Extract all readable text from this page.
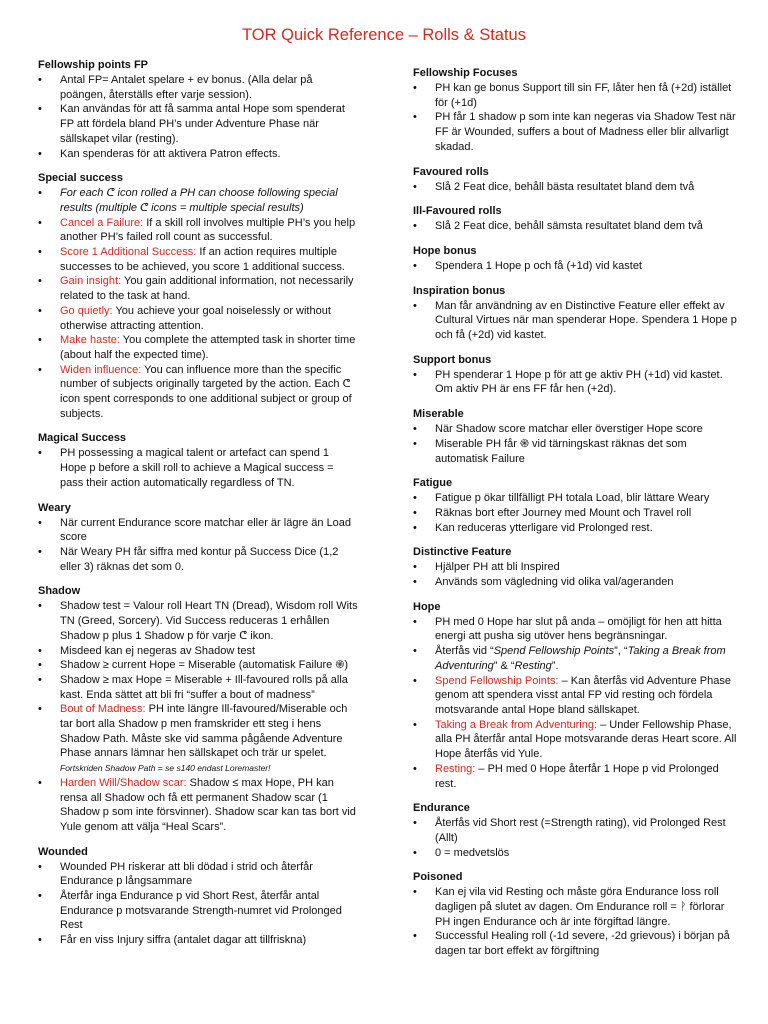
TOR Quick Reference – Rolls & Status
Fellowship points FP
• Antal FP= Antalet spelare + ev bonus. (Alla delar på poängen, återställs efter varje session).
• Kan användas för att få samma antal Hope som spenderat FP att fördela bland PH’s under Adventure Phase när sällskapet vilar (resting).
• Kan spenderas för att aktivera Patron effects.
Special success
• For each ᕦ icon rolled a PH can choose following special results (multiple ᕦ icons = multiple special results)
• Cancel a Failure: If a skill roll involves multiple PH’s you help another PH’s failed roll count as successful.
• Score 1 Additional Success: If an action requires multiple successes to be achieved, you score 1 additional success.
• Gain insight: You gain additional information, not necessarily related to the task at hand.
• Go quietly: You achieve your goal noiselessly or without otherwise attracting attention.
• Make haste: You complete the attempted task in shorter time (about half the expected time).
• Widen influence: You can influence more than the specific number of subjects originally targeted by the action. Each ᕦ icon spent corresponds to one additional subject or group of subjects.
Magical Success
• PH possessing a magical talent or artefact can spend 1 Hope p before a skill roll to achieve a Magical success = pass their action automatically regardless of TN.
Weary
• När current Endurance score matchar eller är lägre än Load score
• När Weary PH får siffra med kontur på Success Dice (1,2 eller 3) räknas det som 0.
Shadow
• Shadow test = Valour roll Heart TN (Dread), Wisdom roll Wits TN (Greed, Sorcery). Vid Success reduceras 1 erhållen Shadow p plus 1 Shadow p för varje ᕦ ikon.
• Misdeed kan ej negeras av Shadow test
• Shadow ≥ current Hope = Miserable (automatisk Failure ֎)
• Shadow ≥ max Hope = Miserable + Ill-favoured rolls på alla kast. Enda sättet att bli fri “suffer a bout of madness”
• Bout of Madness: PH inte längre Ill-favoured/Miserable och tar bort alla Shadow p men framskrider ett steg i hens Shadow Path. Måste ske vid samma pågående Adventure Phase annars lämnar hen sällskapet och trär ur spelet. Fortskriden Shadow Path = se s140 endast Loremaster!
• Harden Will/Shadow scar: Shadow ≤ max Hope, PH kan rensa all Shadow och få ett permanent Shadow scar (1 Shadow p som inte försvinner). Shadow scar kan tas bort vid Yule genom att välja “Heal Scars”.
Wounded
• Wounded PH riskerar att bli dödad i strid och återfår Endurance p långsammare
• Återfår inga Endurance p vid Short Rest, återfår antal Endurance p motsvarande Strength-numret vid Prolonged Rest
• Får en viss Injury siffra (antalet dagar att tillfriskna)
Fellowship Focuses
• PH kan ge bonus Support till sin FF, låter hen få (+2d) istället för (+1d)
• PH får 1 shadow p som inte kan negeras via Shadow Test när FF är Wounded, suffers a bout of Madness eller blir allvarligt skadad.
Favoured rolls
• Slå 2 Feat dice, behåll bästa resultatet bland dem två
Ill-Favoured rolls
• Slå 2 Feat dice, behåll sämsta resultatet bland dem två
Hope bonus
• Spendera 1 Hope p och få (+1d) vid kastet
Inspiration bonus
• Man får användning av en Distinctive Feature eller effekt av Cultural Virtues när man spenderar Hope. Spendera 1 Hope p och få (+2d) vid kastet.
Support bonus
• PH spenderar 1 Hope p för att ge aktiv PH (+1d) vid kastet. Om aktiv PH är ens FF får hen (+2d).
Miserable
• När Shadow score matchar eller överstiger Hope score
• Miserable PH får ֎ vid tärningskast räknas det som automatisk Failure
Fatigue
• Fatigue p ökar tillfälligt PH totala Load, blir lättare Weary
• Räknas bort efter Journey med Mount och Travel roll
• Kan reduceras ytterligare vid Prolonged rest.
Distinctive Feature
• Hjälper PH att bli Inspired
• Används som vägledning vid olika val/ageranden
Hope
• PH med 0 Hope har slut på anda – omöjligt för hen att hitta energi att pusha sig utöver hens begränsningar.
• Återfås vid “Spend Fellowship Points”, “Taking a Break from Adventuring” & “Resting”.
• Spend Fellowship Points: – Kan återfås vid Adventure Phase genom att spendera visst antal FP vid resting och fördela motsvarande antal Hope bland sällskapet.
• Taking a Break from Adventuring: – Under Fellowship Phase, alla PH återfår antal Hope motsvarande deras Heart score. All Hope återfås vid Yule.
• Resting: – PH med 0 Hope återfår 1 Hope p vid Prolonged rest.
Endurance
• Återfås vid Short rest (=Strength rating), vid Prolonged Rest (Allt)
• 0 = medvetslös
Poisoned
• Kan ej vila vid Resting och måste göra Endurance loss roll dagligen på slutet av dagen. Om Endurance roll = ᚹ förlorar PH ingen Endurance och är inte förgiftad längre.
• Successful Healing roll (-1d severe, -2d grievous) i början på dagen tar bort effekt av förgiftning
